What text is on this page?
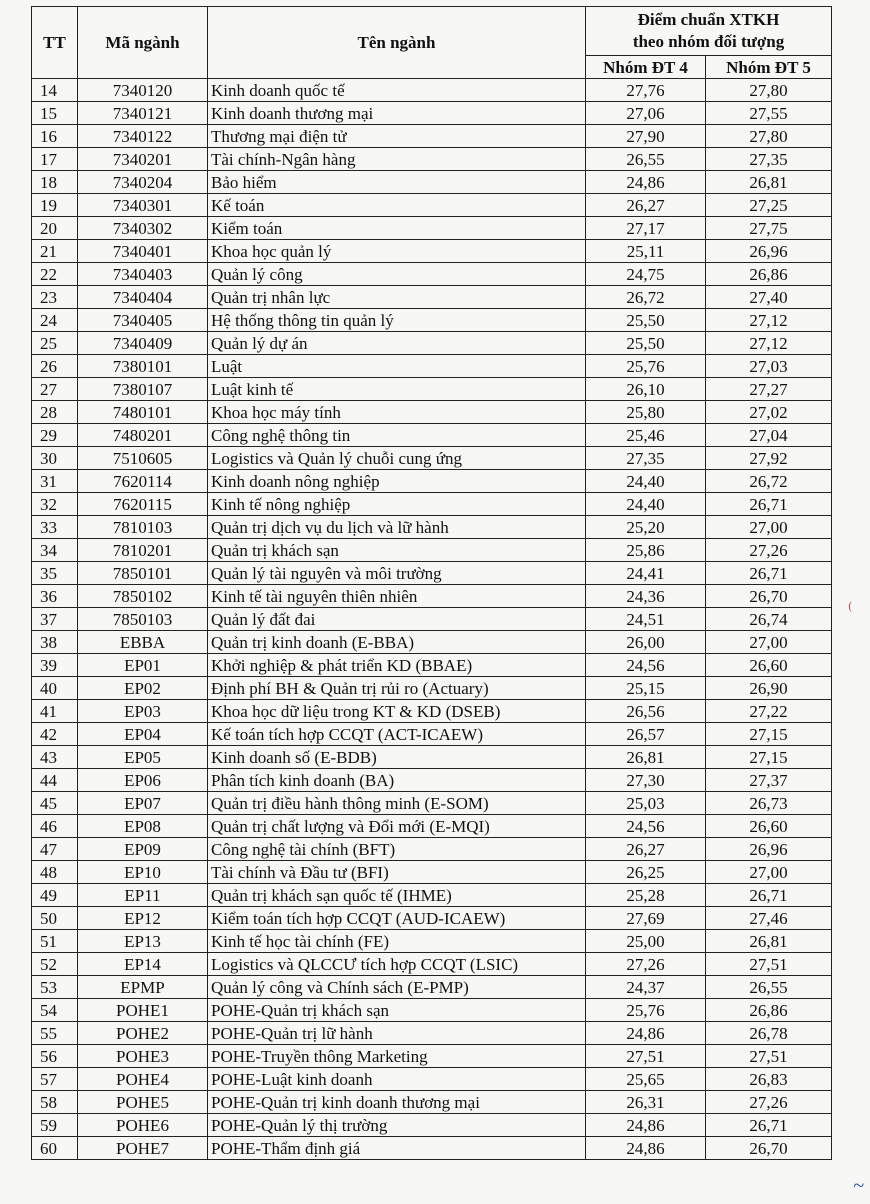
TT	Mã ngành	Tên ngành	Điểm chuẩn XTKH
theo nhóm đối tượng	

			Nhóm ĐT 4	Nhóm ĐT 5
14	7340120	Kinh doanh quốc tế	27,76	27,80
15	7340121	Kinh doanh thương mại	27,06	27,55
16	7340122	Thương mại điện tử	27,90	27,80
17	7340201	Tài chính-Ngân hàng	26,55	27,35
18	7340204	Bảo hiểm	24,86	26,81
19	7340301	Kế toán	26,27	27,25
20	7340302	Kiểm toán	27,17	27,75
21	7340401	Khoa học quản lý	25,11	26,96
22	7340403	Quản lý công	24,75	26,86
23	7340404	Quản trị nhân lực	26,72	27,40
24	7340405	Hệ thống thông tin quản lý	25,50	27,12
25	7340409	Quản lý dự án	25,50	27,12
26	7380101	Luật	25,76	27,03
27	7380107	Luật kinh tế	26,10	27,27
28	7480101	Khoa học máy tính	25,80	27,02
29	7480201	Công nghệ thông tin	25,46	27,04
30	7510605	Logistics và Quản lý chuỗi cung ứng	27,35	27,92
31	7620114	Kinh doanh nông nghiệp	24,40	26,72
32	7620115	Kinh tế nông nghiệp	24,40	26,71
33	7810103	Quản trị dịch vụ du lịch và lữ hành	25,20	27,00
34	7810201	Quản trị khách sạn	25,86	27,26
35	7850101	Quản lý tài nguyên và môi trường	24,41	26,71
36	7850102	Kinh tế tài nguyên thiên nhiên	24,36	26,70
37	7850103	Quản lý đất đai	24,51	26,74
38	EBBA	Quản trị kinh doanh (E-BBA)	26,00	27,00
39	EP01	Khởi nghiệp & phát triển KD (BBAE)	24,56	26,60
40	EP02	Định phí BH & Quản trị rủi ro (Actuary)	25,15	26,90
41	EP03	Khoa học dữ liệu trong KT & KD (DSEB)	26,56	27,22
42	EP04	Kế toán tích hợp CCQT (ACT-ICAEW)	26,57	27,15
43	EP05	Kinh doanh số (E-BDB)	26,81	27,15
44	EP06	Phân tích kinh doanh (BA)	27,30	27,37
45	EP07	Quản trị điều hành thông minh (E-SOM)	25,03	26,73
46	EP08	Quản trị chất lượng và Đổi mới (E-MQI)	24,56	26,60
47	EP09	Công nghệ tài chính (BFT)	26,27	26,96
48	EP10	Tài chính và Đầu tư (BFI)	26,25	27,00
49	EP11	Quản trị khách sạn quốc tế (IHME)	25,28	26,71
50	EP12	Kiểm toán tích hợp CCQT (AUD-ICAEW)	27,69	27,46
51	EP13	Kinh tế học tài chính (FE)	25,00	26,81
52	EP14	Logistics và QLCCƯ tích hợp CCQT (LSIC)	27,26	27,51
53	EPMP	Quản lý công và Chính sách (E-PMP)	24,37	26,55
54	POHE1	POHE-Quản trị khách sạn	25,76	26,86
55	POHE2	POHE-Quản trị lữ hành	24,86	26,78
56	POHE3	POHE-Truyền thông Marketing	27,51	27,51
57	POHE4	POHE-Luật kinh doanh	25,65	26,83
58	POHE5	POHE-Quản trị kinh doanh thương mại	26,31	27,26
59	POHE6	POHE-Quản lý thị trường	24,86	26,71
60	POHE7	POHE-Thẩm định giá	24,86	26,70
(
~
